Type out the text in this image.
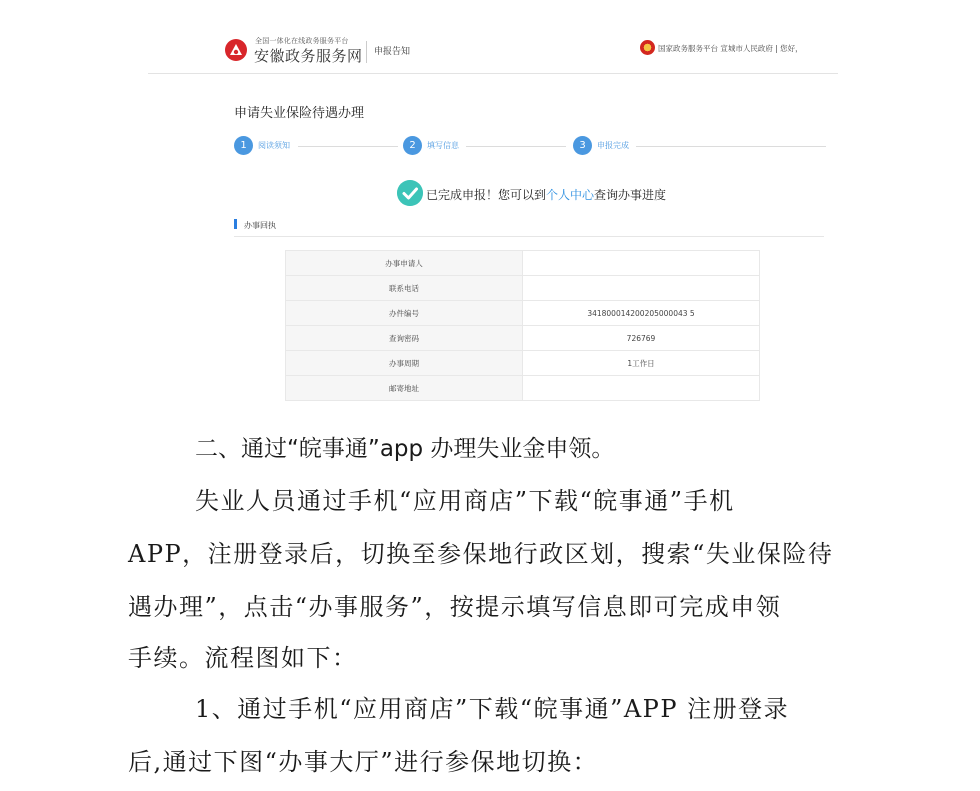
全国一体化在线政务服务平台
安徽政务服务网 申报告知	国家政务服务平台 宣城市人民政府 | 您好，
申请失业保险待遇办理
1	阅读须知	2	填写信息	3	申报完成
已完成申报！您可以到个人中心查询办事进度
办事回执
办事申请人	
联系电话	
办件编号	341800014200205000043 5
查询密码	726769
办事周期	1工作日
邮寄地址	
二、通过“皖事通”app 办理失业金申领。
失业人员通过手机“应用商店”下载“皖事通”手机
APP，注册登录后，切换至参保地行政区划，搜索“失业保险待
遇办理”，点击“办事服务”，按提示填写信息即可完成申领
手续。流程图如下：
1、通过手机“应用商店”下载“皖事通”APP 注册登录
后,通过下图“办事大厅”进行参保地切换：
